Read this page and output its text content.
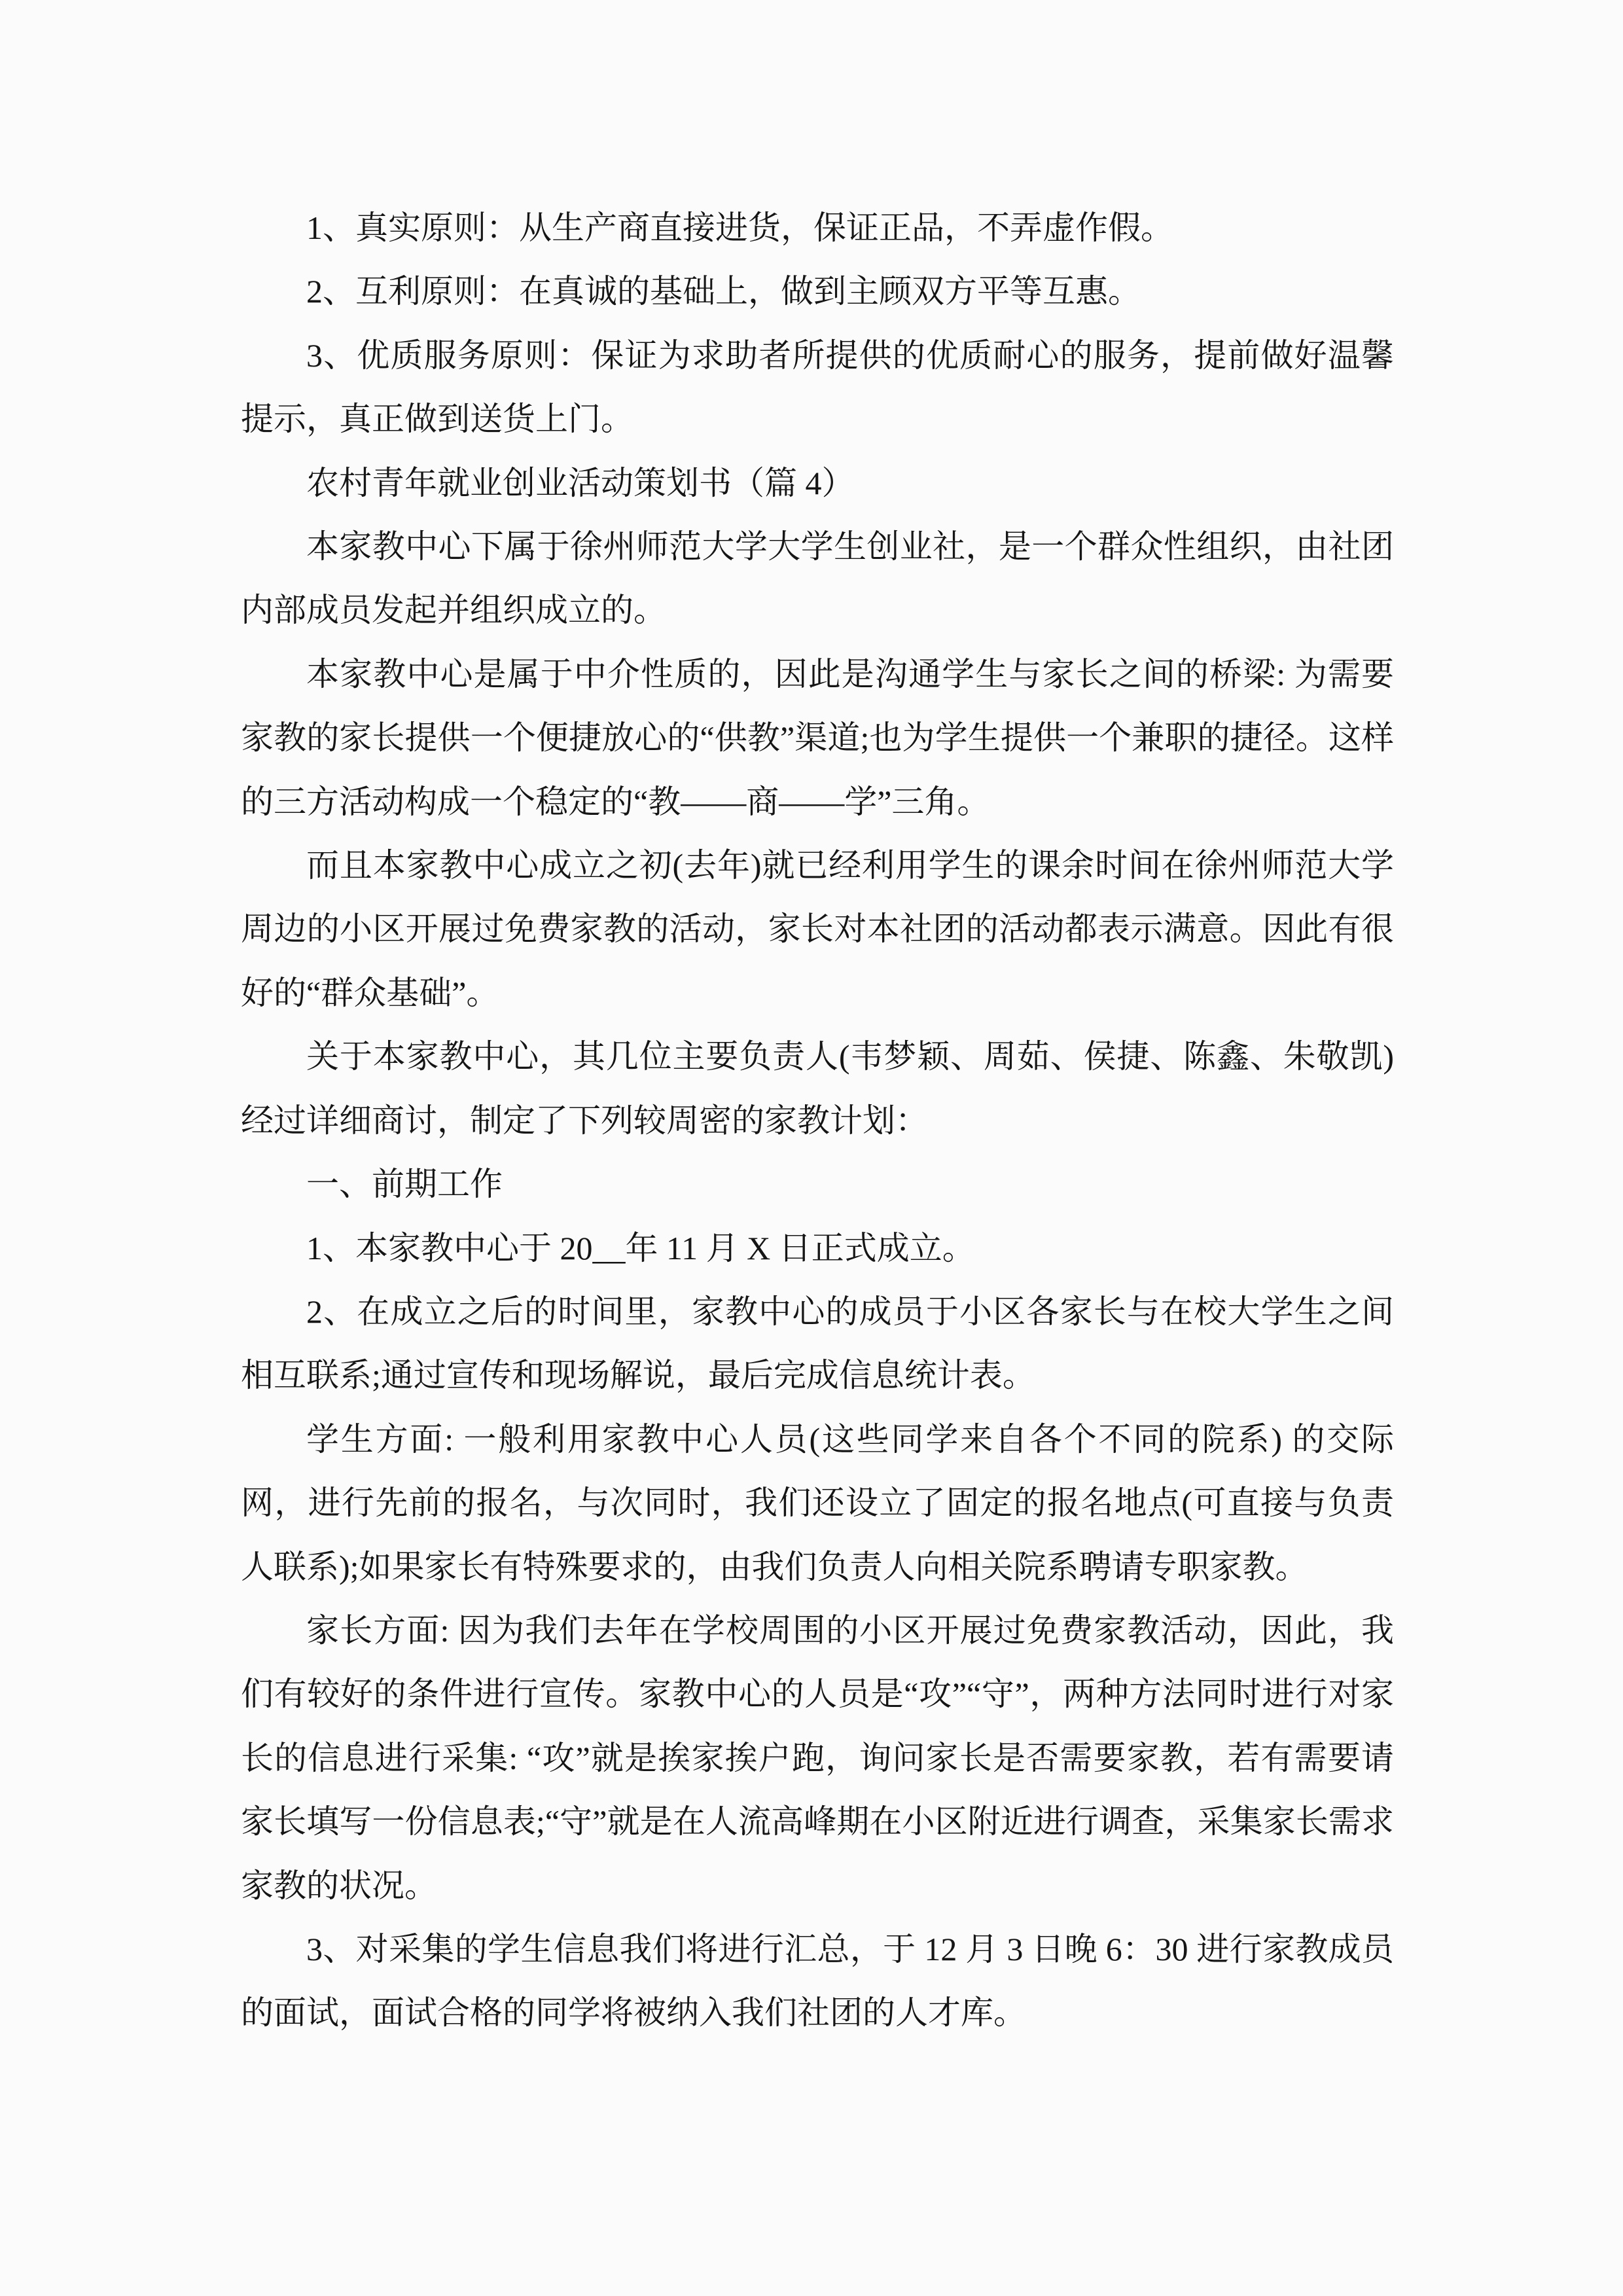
1、真实原则：从生产商直接进货，保证正品，不弄虚作假。

2、互利原则：在真诚的基础上，做到主顾双方平等互惠。

3、优质服务原则：保证为求助者所提供的优质耐心的服务，提前做好温馨提示，真正做到送货上门。

农村青年就业创业活动策划书（篇 4）

本家教中心下属于徐州师范大学大学生创业社，是一个群众性组织，由社团内部成员发起并组织成立的。

本家教中心是属于中介性质的，因此是沟通学生与家长之间的桥梁: 为需要家教的家长提供一个便捷放心的“供教”渠道;也为学生提供一个兼职的捷径。这样的三方活动构成一个稳定的“教——商——学”三角。

而且本家教中心成立之初(去年)就已经利用学生的课余时间在徐州师范大学周边的小区开展过免费家教的活动，家长对本社团的活动都表示满意。因此有很好的“群众基础”。

关于本家教中心，其几位主要负责人(韦梦颖、周茹、侯捷、陈鑫、朱敬凯)经过详细商讨，制定了下列较周密的家教计划：

一、前期工作

1、本家教中心于 20__年 11 月 X 日正式成立。

2、在成立之后的时间里，家教中心的成员于小区各家长与在校大学生之间相互联系;通过宣传和现场解说，最后完成信息统计表。

学生方面: 一般利用家教中心人员(这些同学来自各个不同的院系) 的交际网，进行先前的报名，与次同时，我们还设立了固定的报名地点(可直接与负责人联系);如果家长有特殊要求的，由我们负责人向相关院系聘请专职家教。

家长方面: 因为我们去年在学校周围的小区开展过免费家教活动，因此，我们有较好的条件进行宣传。家教中心的人员是“攻”“守”，两种方法同时进行对家长的信息进行采集: “攻”就是挨家挨户跑，询问家长是否需要家教，若有需要请家长填写一份信息表;“守”就是在人流高峰期在小区附近进行调查，采集家长需求家教的状况。

3、对采集的学生信息我们将进行汇总，于 12 月 3 日晚 6：30 进行家教成员的面试，面试合格的同学将被纳入我们社团的人才库。
